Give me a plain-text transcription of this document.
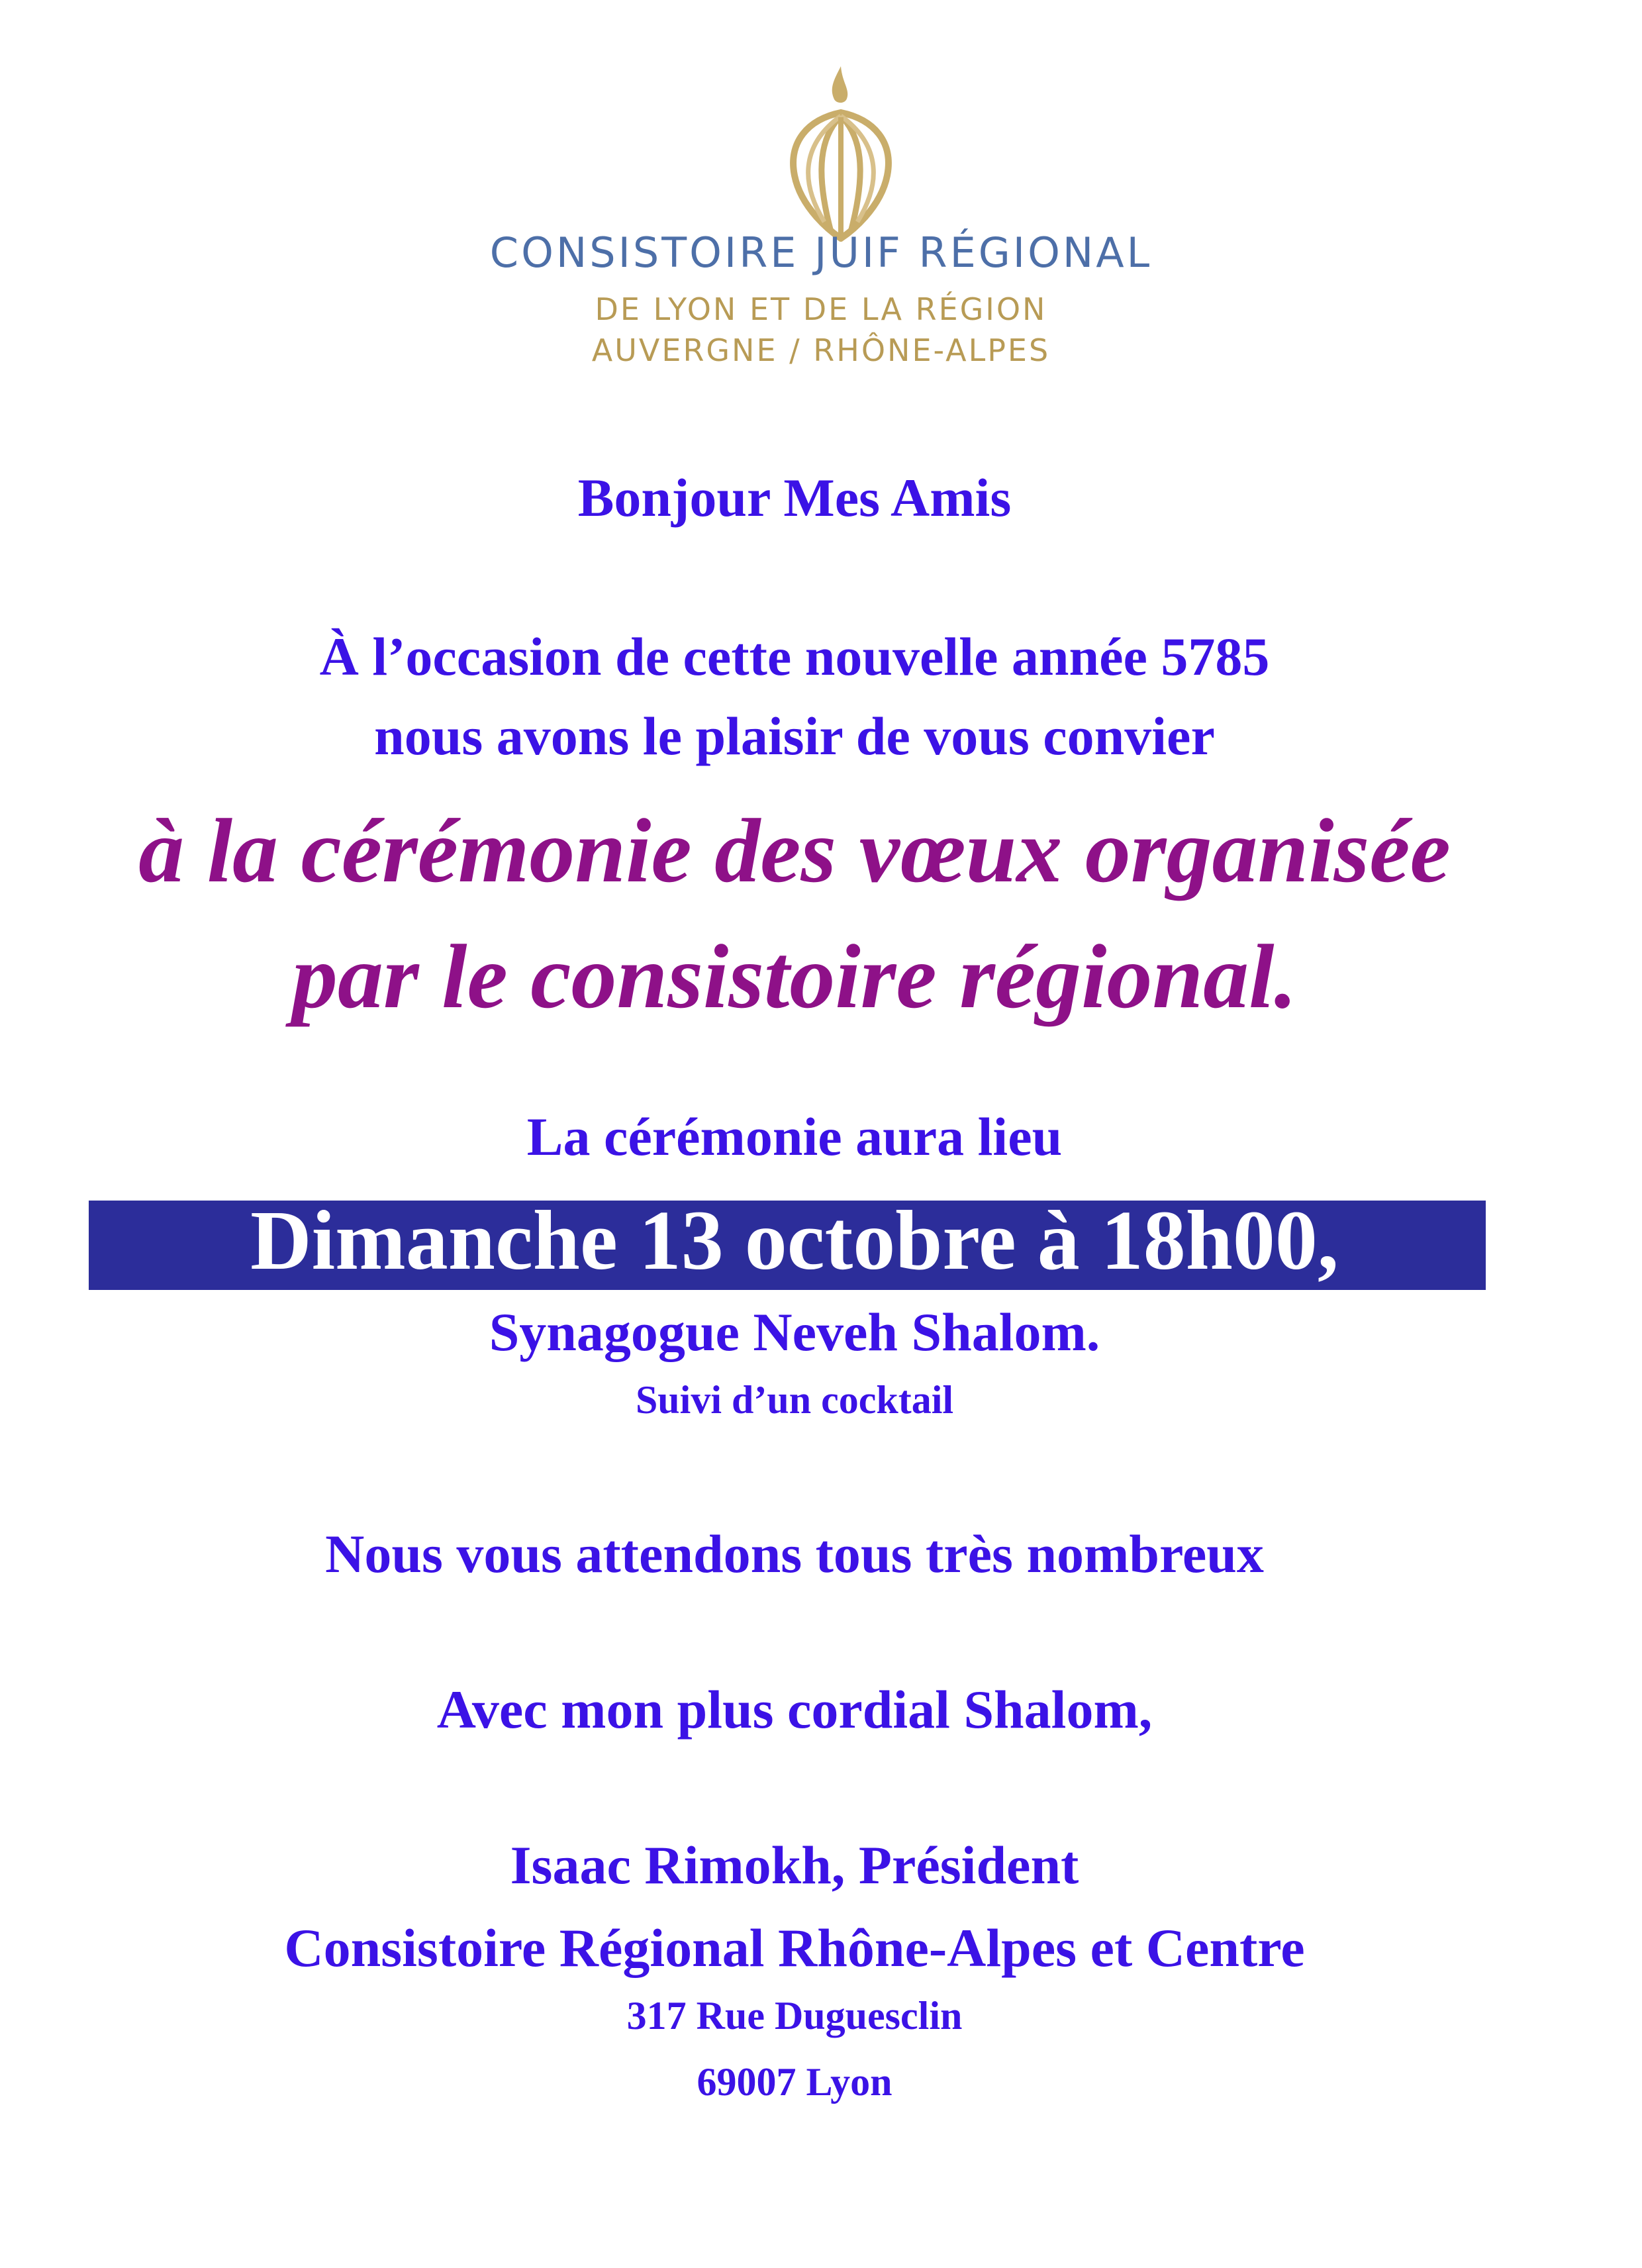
CONSISTOIRE JUIF RÉGIONAL
DE LYON ET DE LA RÉGION
AUVERGNE / RHÔNE-ALPES
Bonjour Mes Amis
À l’occasion de cette nouvelle année 5785
nous avons le plaisir de vous convier
à la cérémonie des vœux organisée
par le consistoire régional.
La cérémonie aura lieu
Dimanche 13 octobre à 18h00,
Synagogue Neveh Shalom.
Suivi d’un cocktail
Nous vous attendons tous très nombreux
Avec mon plus cordial Shalom,
Isaac Rimokh, Président
Consistoire Régional Rhône-Alpes et Centre
317 Rue Duguesclin
69007 Lyon
